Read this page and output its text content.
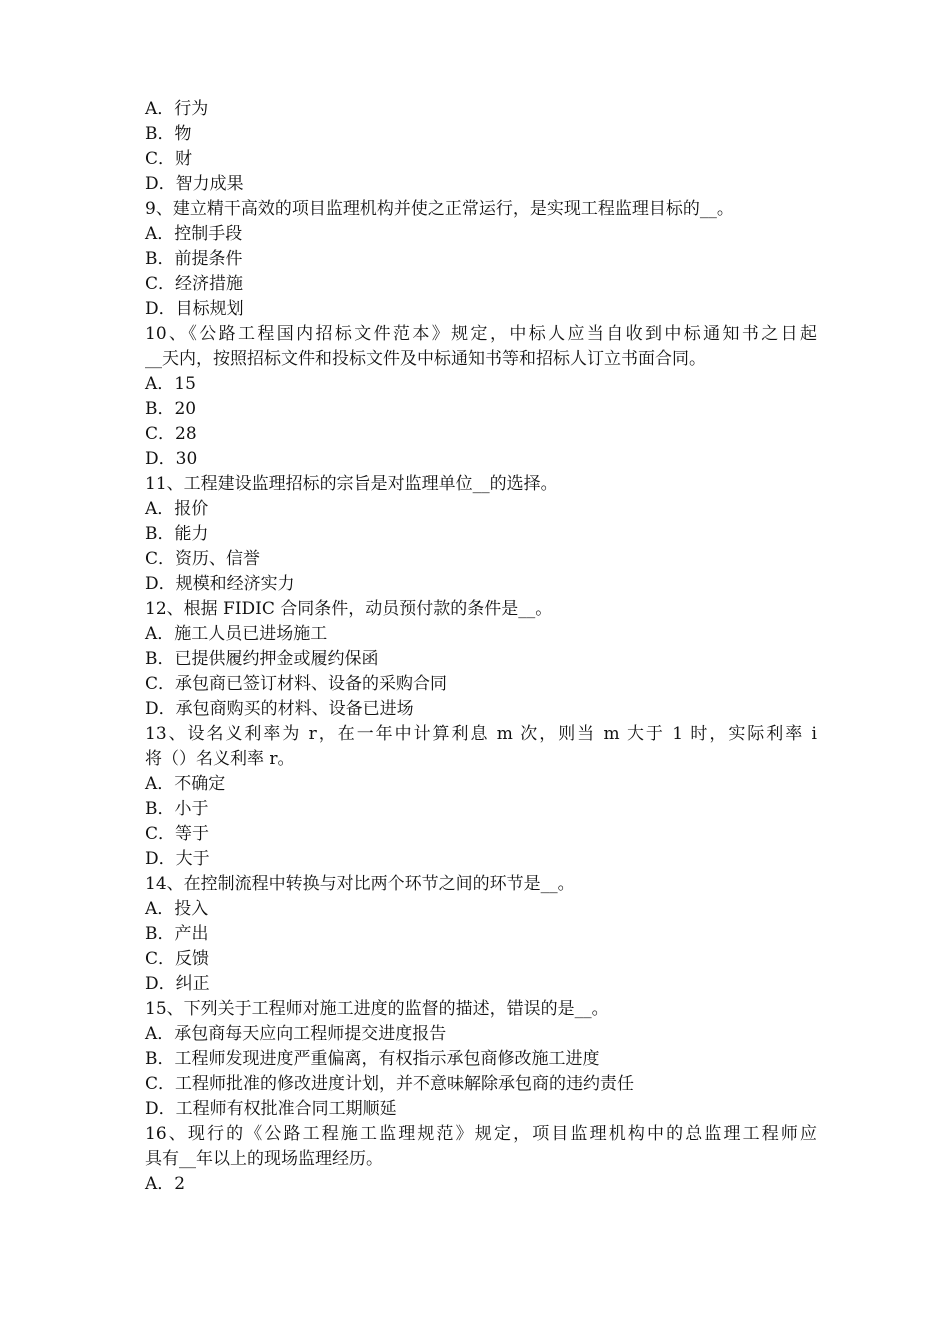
A．行为
B．物
C．财
D．智力成果
9、建立精干高效的项目监理机构并使之正常运行，是实现工程监理目标的__。
A．控制手段
B．前提条件
C．经济措施
D．目标规划
10、《公路工程国内招标文件范本》规定，中标人应当自收到中标通知书之日起
__天内，按照招标文件和投标文件及中标通知书等和招标人订立书面合同。
A．15
B．20
C．28
D．30
11、工程建设监理招标的宗旨是对监理单位__的选择。
A．报价
B．能力
C．资历、信誉
D．规模和经济实力
12、根据 FIDIC 合同条件，动员预付款的条件是__。
A．施工人员已进场施工
B．已提供履约押金或履约保函
C．承包商已签订材料、设备的采购合同
D．承包商购买的材料、设备已进场
13、设名义利率为 r，在一年中计算利息 m 次，则当 m 大于 1 时，实际利率 i
将（）名义利率 r。
A．不确定
B．小于
C．等于
D．大于
14、在控制流程中转换与对比两个环节之间的环节是__。
A．投入
B．产出
C．反馈
D．纠正
15、下列关于工程师对施工进度的监督的描述，错误的是__。
A．承包商每天应向工程师提交进度报告
B．工程师发现进度严重偏离，有权指示承包商修改施工进度
C．工程师批准的修改进度计划，并不意味解除承包商的违约责任
D．工程师有权批准合同工期顺延
16、现行的《公路工程施工监理规范》规定，项目监理机构中的总监理工程师应
具有__年以上的现场监理经历。
A．2
